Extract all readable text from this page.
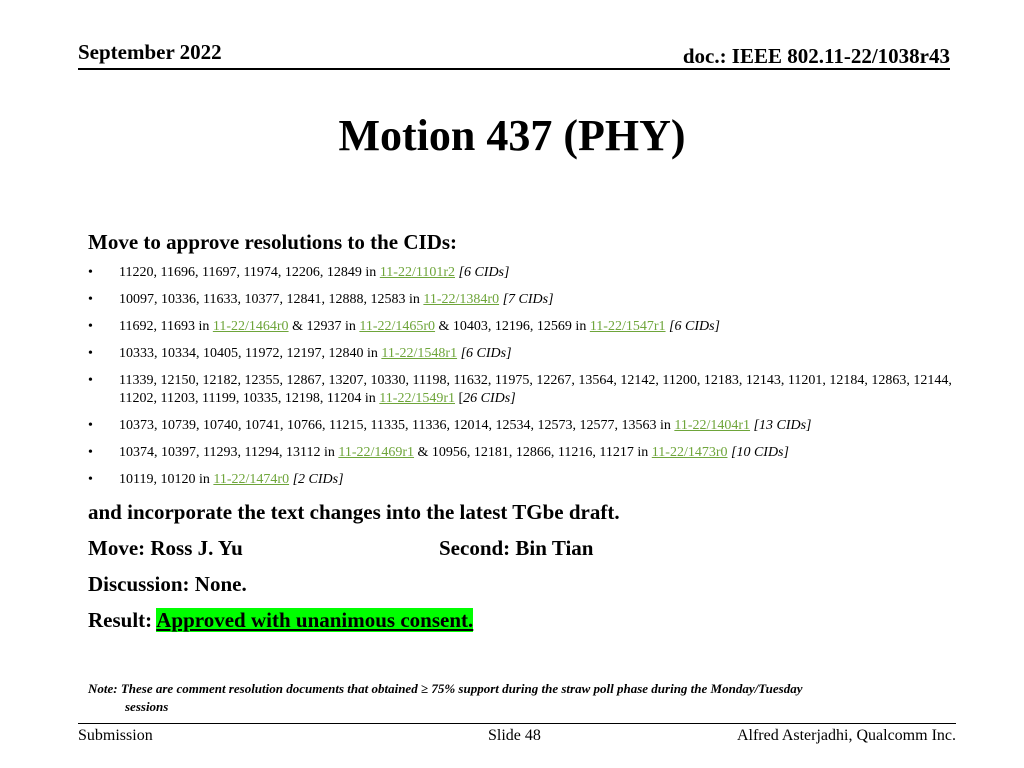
September 2022	doc.: IEEE 802.11-22/1038r43
Motion 437 (PHY)
Move to approve resolutions to the CIDs:
• 11220, 11696, 11697, 11974, 12206, 12849 in 11-22/1101r2 [6 CIDs]
• 10097, 10336, 11633, 10377, 12841, 12888, 12583 in 11-22/1384r0 [7 CIDs]
• 11692, 11693 in 11-22/1464r0 & 12937 in 11-22/1465r0 & 10403, 12196, 12569 in 11-22/1547r1 [6 CIDs]
• 10333, 10334, 10405, 11972, 12197, 12840 in 11-22/1548r1 [6 CIDs]
• 11339, 12150, 12182, 12355, 12867, 13207, 10330, 11198, 11632, 11975, 12267, 13564, 12142, 11200, 12183, 12143, 11201, 12184, 12863, 12144, 11202, 11203, 11199, 10335, 12198, 11204 in 11-22/1549r1 [26 CIDs]
• 10373, 10739, 10740, 10741, 10766, 11215, 11335, 11336, 12014, 12534, 12573, 12577, 13563 in 11-22/1404r1 [13 CIDs]
• 10374, 10397, 11293, 11294, 13112 in 11-22/1469r1 & 10956, 12181, 12866, 11216, 11217 in 11-22/1473r0 [10 CIDs]
• 10119, 10120 in 11-22/1474r0 [2 CIDs]
and incorporate the text changes into the latest TGbe draft.
Move: Ross J. Yu	Second: Bin Tian
Discussion: None.
Result: Approved with unanimous consent.
Note: These are comment resolution documents that obtained ≥ 75% support during the straw poll phase during the Monday/Tuesday
sessions
Submission	Slide 48	Alfred Asterjadhi, Qualcomm Inc.
